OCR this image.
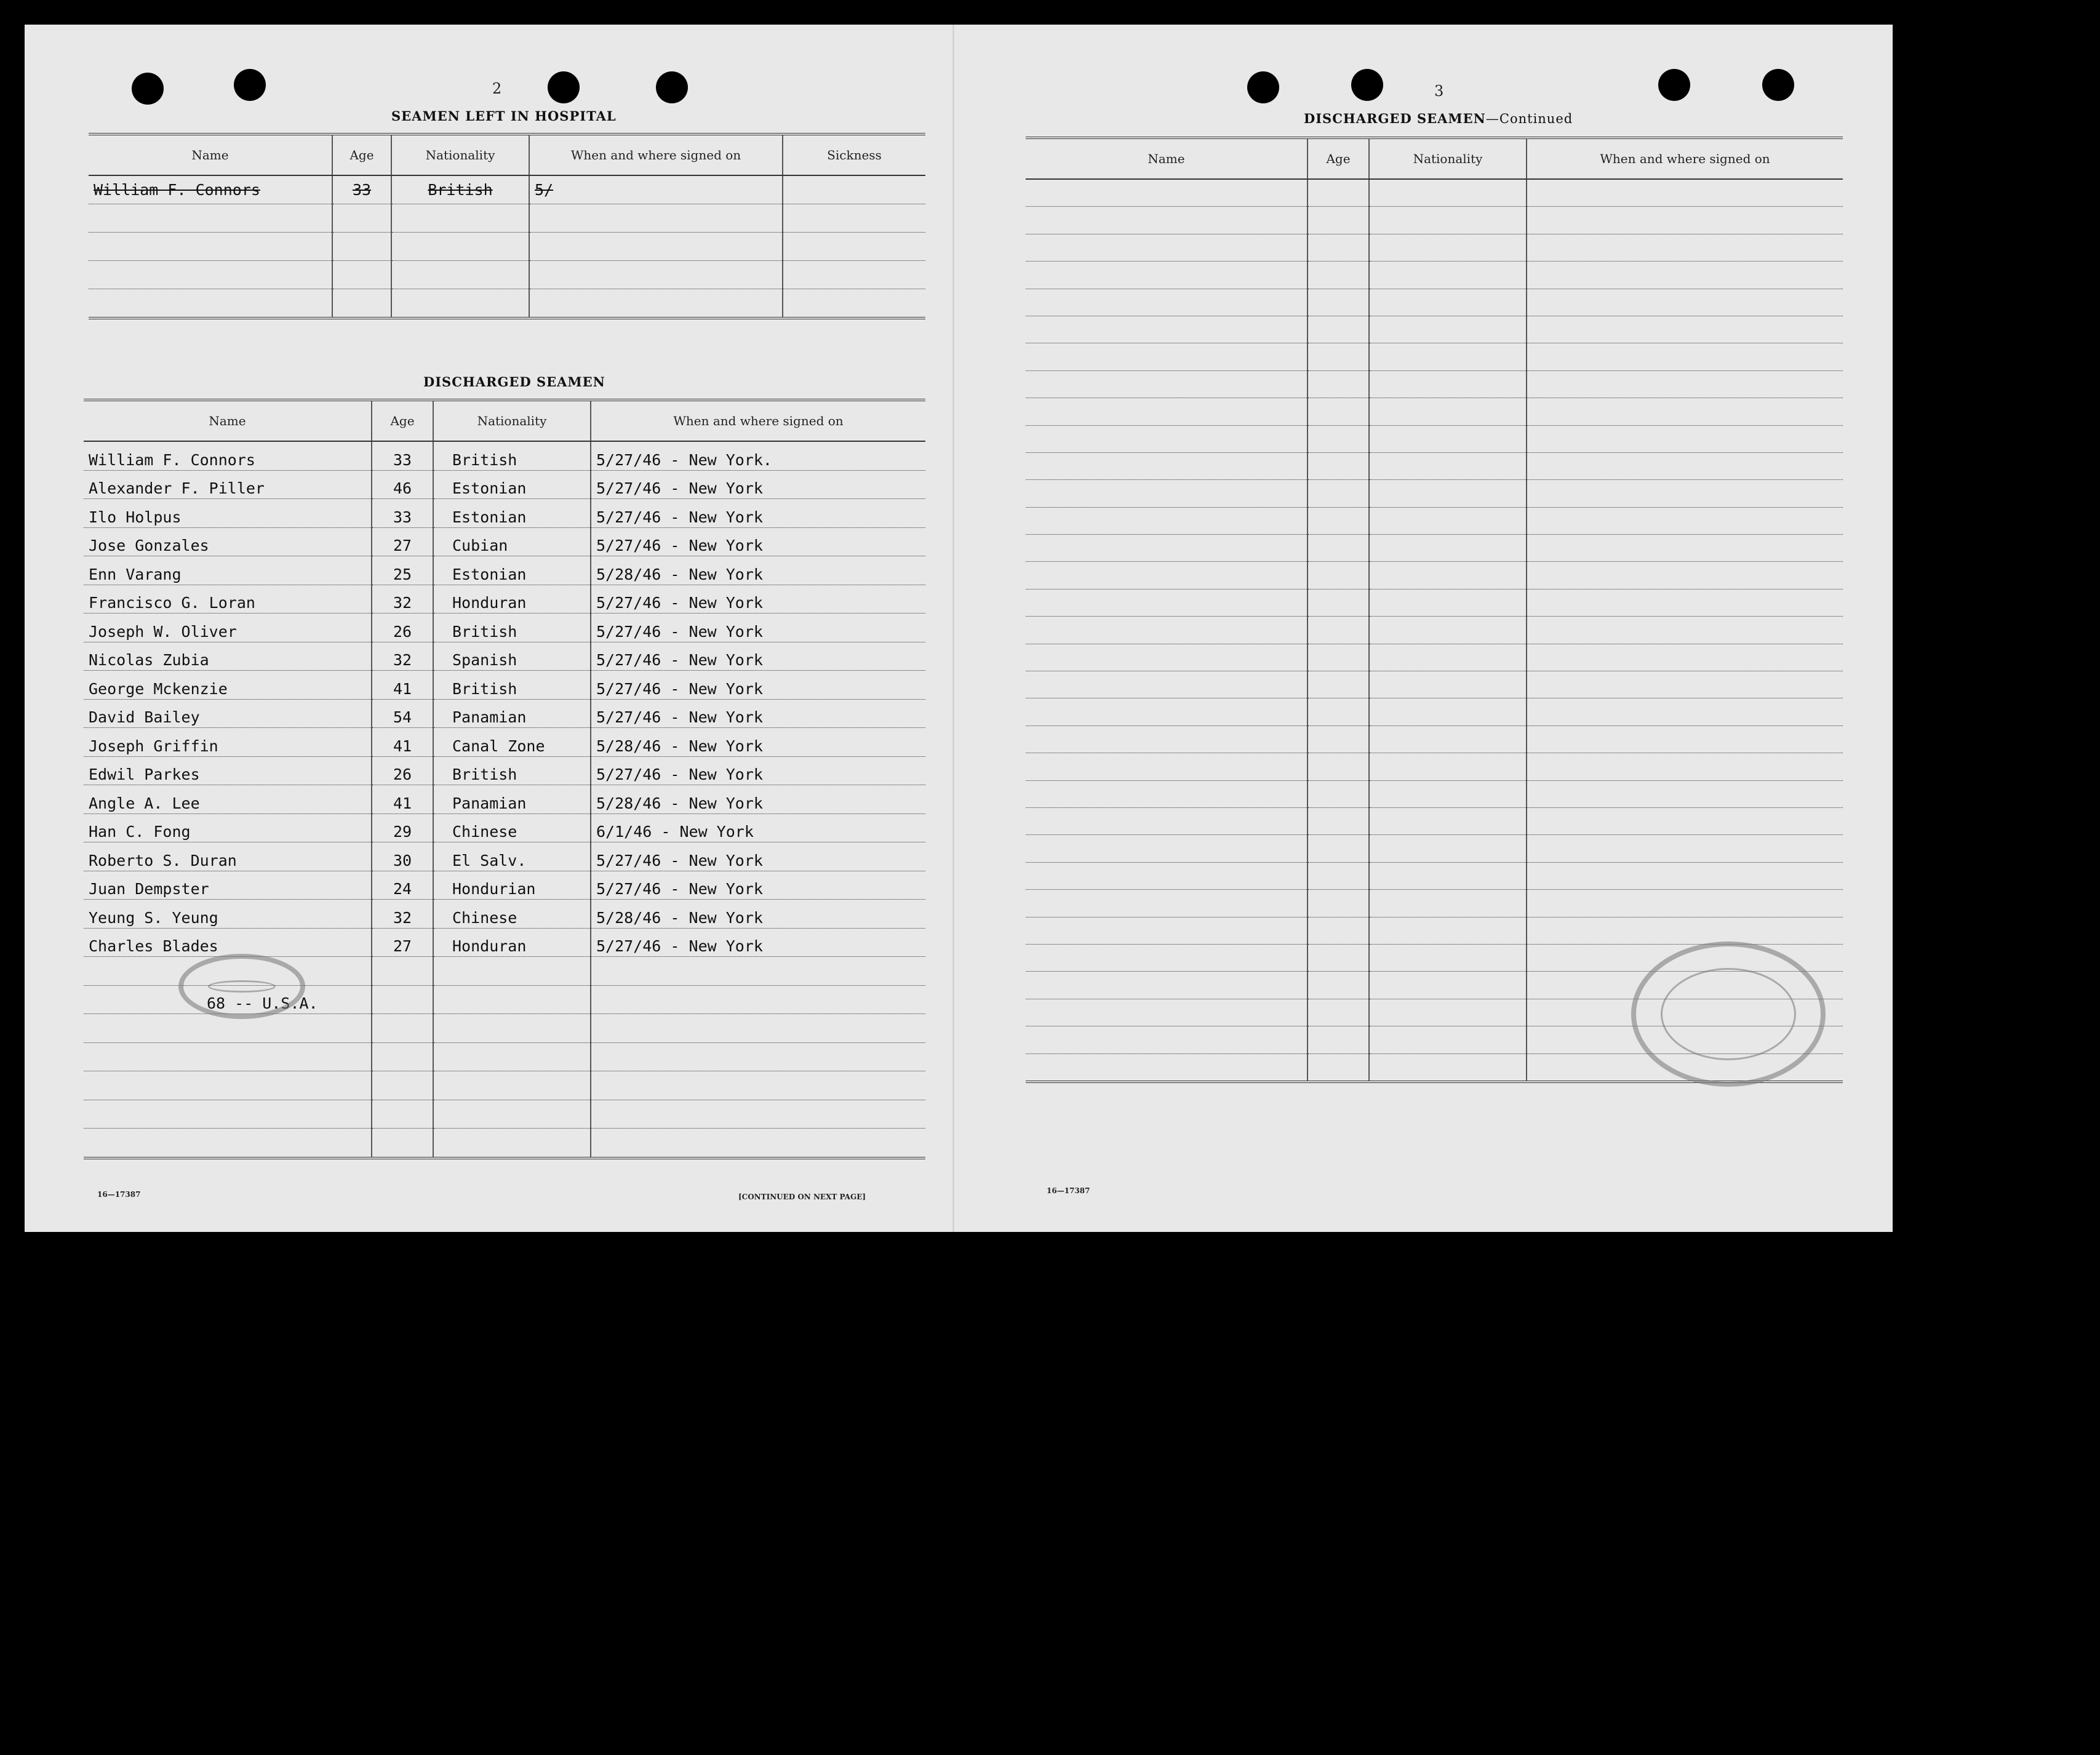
2
SEAMEN LEFT IN HOSPITAL
Name	Age	Nationality	When and where signed on	Sickness
William F. Connors	33	British	5/	

DISCHARGED SEAMEN
Name	Age	Nationality	When and where signed on
William F. Connors	33	British	5/27/46 - New York.
Alexander F. Piller	46	Estonian	5/27/46 - New York
Ilo Holpus	33	Estonian	5/27/46 - New York
Jose Gonzales	27	Cubian	5/27/46 - New York
Enn Varang	25	Estonian	5/28/46 - New York
Francisco G. Loran	32	Honduran	5/27/46 - New York
Joseph W. Oliver	26	British	5/27/46 - New York
Nicolas Zubia	32	Spanish	5/27/46 - New York
George Mckenzie	41	British	5/27/46 - New York
David Bailey	54	Panamian	5/27/46 - New York
Joseph Griffin	41	Canal Zone	5/28/46 - New York
Edwil Parkes	26	British	5/27/46 - New York
Angle A. Lee	41	Panamian	5/28/46 - New York
Han C. Fong	29	Chinese	6/1/46 - New York
Roberto S. Duran	30	El Salv.	5/27/46 - New York
Juan Dempster	24	Hondurian	5/27/46 - New York
Yeung S. Yeung	32	Chinese	5/28/46 - New York
Charles Blades	27	Honduran	5/27/46 - New York

68 -- U.S.A.			

16—17387	[CONTINUED ON NEXT PAGE]
3
DISCHARGED SEAMEN—Continued
Name	Age	Nationality	When and where signed on

16—17387
